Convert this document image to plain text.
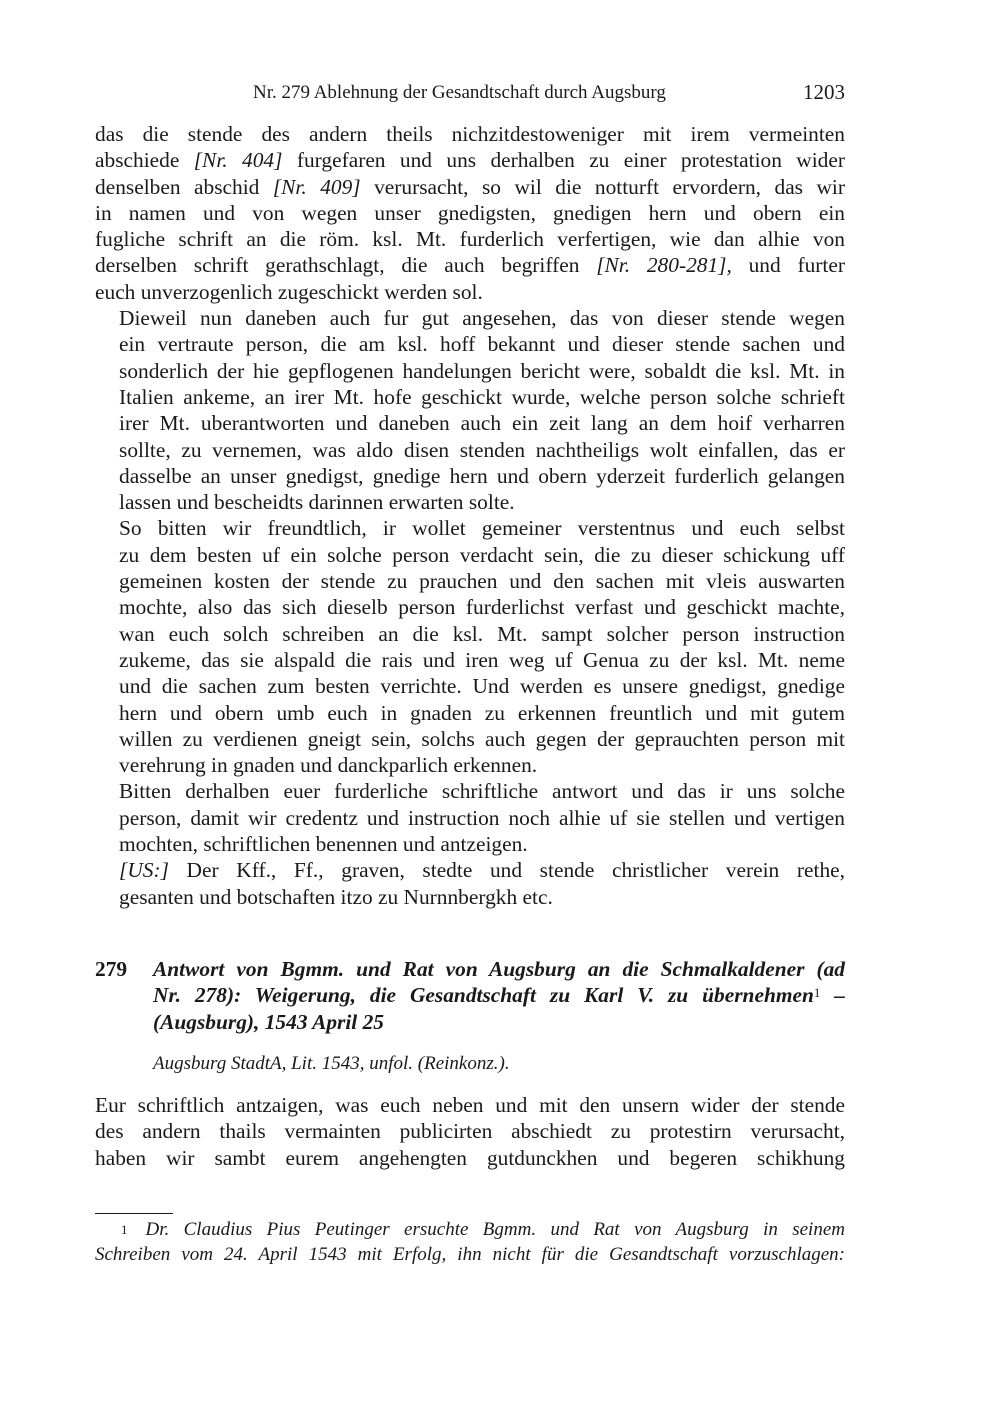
Nr. 279 Ablehnung der Gesandtschaft durch Augsburg	1203

das die stende des andern theils nichzitdestoweniger mit irem vermeinten
abschiede [Nr. 404] furgefaren und uns derhalben zu einer protestation wider
denselben abschid [Nr. 409] verursacht, so wil die notturft ervordern, das wir
in namen und von wegen unser gnedigsten, gnedigen hern und obern ein
fugliche schrift an die röm. ksl. Mt. furderlich verfertigen, wie dan alhie von
derselben schrift gerathschlagt, die auch begriffen [Nr. 280-281], und furter
euch unverzogenlich zugeschickt werden sol.

Dieweil nun daneben auch fur gut angesehen, das von dieser stende wegen
ein vertraute person, die am ksl. hoff bekannt und dieser stende sachen und
sonderlich der hie gepflogenen handelungen bericht were, sobaldt die ksl. Mt. in
Italien ankeme, an irer Mt. hofe geschickt wurde, welche person solche schrieft
irer Mt. uberantworten und daneben auch ein zeit lang an dem hoif verharren
sollte, zu vernemen, was aldo disen stenden nachtheiligs wolt einfallen, das er
dasselbe an unser gnedigst, gnedige hern und obern yderzeit furderlich gelangen
lassen und bescheidts darinnen erwarten solte.

So bitten wir freundtlich, ir wollet gemeiner verstentnus und euch selbst
zu dem besten uf ein solche person verdacht sein, die zu dieser schickung uff
gemeinen kosten der stende zu prauchen und den sachen mit vleis auswarten
mochte, also das sich dieselb person furderlichst verfast und geschickt machte,
wan euch solch schreiben an die ksl. Mt. sampt solcher person instruction
zukeme, das sie alspald die rais und iren weg uf Genua zu der ksl. Mt. neme
und die sachen zum besten verrichte. Und werden es unsere gnedigst, gnedige
hern und obern umb euch in gnaden zu erkennen freuntlich und mit gutem
willen zu verdienen gneigt sein, solchs auch gegen der geprauchten person mit
verehrung in gnaden und danckparlich erkennen.

Bitten derhalben euer furderliche schriftliche antwort und das ir uns solche
person, damit wir credentz und instruction noch alhie uf sie stellen und vertigen
mochten, schriftlichen benennen und antzeigen.

[US:] Der Kff., Ff., graven, stedte und stende christlicher verein rethe,
gesanten und botschaften itzo zu Nurnnbergkh etc.

279 Antwort von Bgmm. und Rat von Augsburg an die Schmalkaldener (ad
Nr. 278): Weigerung, die Gesandtschaft zu Karl V. zu übernehmen$^1$ –
(Augsburg), 1543 April 25
Augsburg StadtA, Lit. 1543, unfol. (Reinkonz.).

Eur schriftlich antzaigen, was euch neben und mit den unsern wider der stende
des andern thails vermainten publicirten abschiedt zu protestirn verursacht,
haben wir sambt eurem angehengten gutdunckhen und begeren schikhung

$^1$ Dr. Claudius Pius Peutinger ersuchte Bgmm. und Rat von Augsburg in seinem
Schreiben vom 24. April 1543 mit Erfolg, ihn nicht für die Gesandtschaft vorzuschlagen:
